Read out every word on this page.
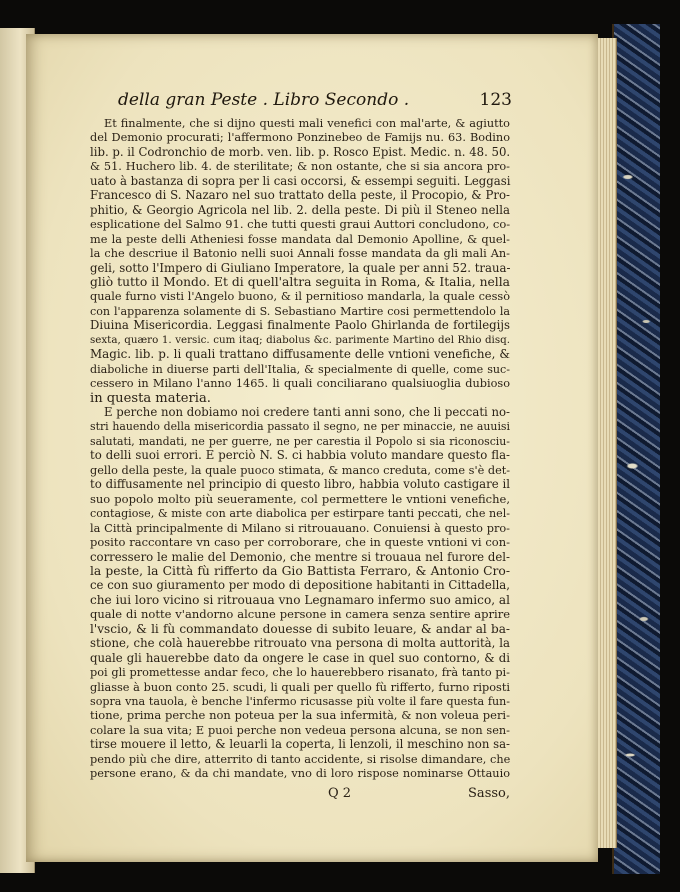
della gran Peste . Libro Secondo .	123
Et finalmente, che si dijno questi mali venefici con mal'arte, & agiutto
del Demonio procurati; l'affermono Ponzinebeo de Famijs nu. 63. Bodino
lib. p. il Codronchio de morb. ven. lib. p. Rosco Epist. Medic. n. 48. 50.
& 51. Huchero lib. 4. de sterilitate; & non ostante, che si sia ancora pro-
uato à bastanza di sopra per li casi occorsi, & essempi seguiti. Leggasi
Francesco di S. Nazaro nel suo trattato della peste, il Procopio, & Pro-
phitio, & Georgio Agricola nel lib. 2. della peste. Di più il Steneo nella
esplicatione del Salmo 91. che tutti questi graui Auttori concludono, co-
me la peste delli Atheniesi fosse mandata dal Demonio Apolline, & quel-
la che descriue il Batonio nelli suoi Annali fosse mandata da gli mali An-
geli, sotto l'Impero di Giuliano Imperatore, la quale per anni 52. traua-
gliò tutto il Mondo. Et di quell'altra seguita in Roma, & Italia, nella
quale furno visti l'Angelo buono, & il pernitioso mandarla, la quale cessò
con l'apparenza solamente di S. Sebastiano Martire cosi permettendolo la
Diuina Misericordia. Leggasi finalmente Paolo Ghirlanda de fortilegijs
sexta, quæro 1. versic. cum itaq; diabolus &c. parimente Martino del Rhio disq.
Magic. lib. p. li quali trattano diffusamente delle vntioni venefiche, &
diaboliche in diuerse parti dell'Italia, & specialmente di quelle, come suc-
cessero in Milano l'anno 1465. li quali conciliarano qualsiuoglia dubioso
in questa materia.
E perche non dobiamo noi credere tanti anni sono, che li peccati no-
stri hauendo della misericordia passato il segno, ne per minaccie, ne auuisi
salutati, mandati, ne per guerre, ne per carestia il Popolo si sia riconosciu-
to delli suoi errori. E perciò N. S. ci habbia voluto mandare questo fla-
gello della peste, la quale puoco stimata, & manco creduta, come s'è det-
to diffusamente nel principio di questo libro, habbia voluto castigare il
suo popolo molto più seueramente, col permettere le vntioni venefiche,
contagiose, & miste con arte diabolica per estirpare tanti peccati, che nel-
la Città principalmente di Milano si ritrouauano. Conuiensi à questo pro-
posito raccontare vn caso per corroborare, che in queste vntioni vi con-
corressero le malie del Demonio, che mentre si trouaua nel furore del-
la peste, la Città fù rifferto da Gio Battista Ferraro, & Antonio Cro-
ce con suo giuramento per modo di depositione habitanti in Cittadella,
che iui loro vicino si ritrouaua vno Legnamaro infermo suo amico, al
quale di notte v'andorno alcune persone in camera senza sentire aprire
l'vscio, & li fù commandato douesse di subito leuare, & andar al ba-
stione, che colà hauerebbe ritrouato vna persona di molta auttorità, la
quale gli hauerebbe dato da ongere le case in quel suo contorno, & di
poi gli promettesse andar feco, che lo hauerebbero risanato, frà tanto pi-
gliasse à buon conto 25. scudi, li quali per quello fù rifferto, furno riposti
sopra vna tauola, è benche l'infermo ricusasse più volte il fare questa fun-
tione, prima perche non poteua per la sua infermità, & non voleua peri-
colare la sua vita; E puoi perche non vedeua persona alcuna, se non sen-
tirse mouere il letto, & leuarli la coperta, li lenzoli, il meschino non sa-
pendo più che dire, atterrito di tanto accidente, si risolse dimandare, che
persone erano, & da chi mandate, vno di loro rispose nominarse Ottauio
Q 2	Sasso,
